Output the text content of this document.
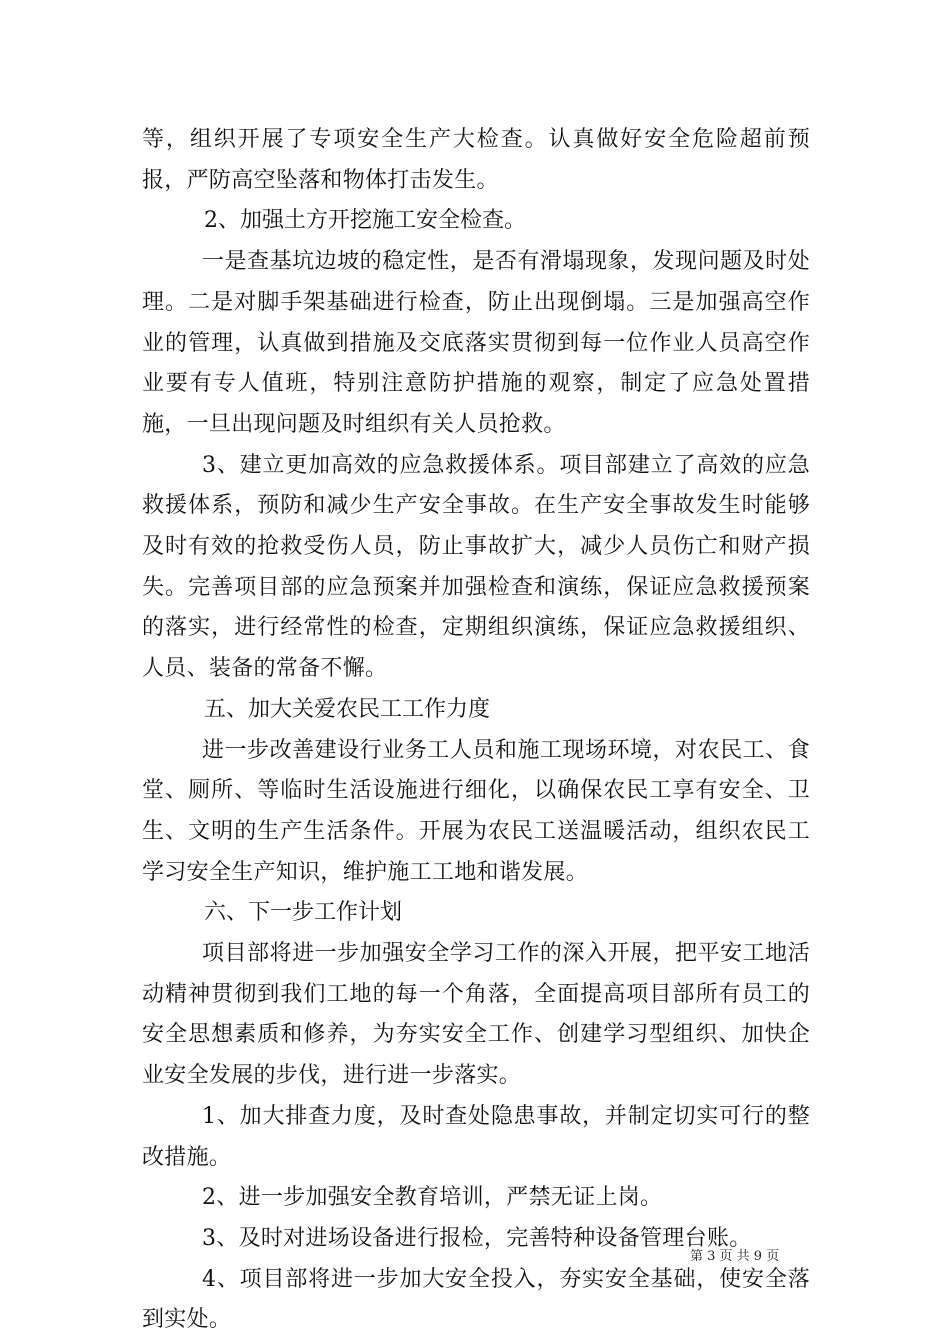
等，组织开展了专项安全生产大检查。认真做好安全危险超前预报，严防高空坠落和物体打击发生。

2、加强土方开挖施工安全检查。

一是查基坑边坡的稳定性，是否有滑塌现象，发现问题及时处理。二是对脚手架基础进行检查，防止出现倒塌。三是加强高空作业的管理，认真做到措施及交底落实贯彻到每一位作业人员高空作业要有专人值班，特别注意防护措施的观察，制定了应急处置措施，一旦出现问题及时组织有关人员抢救。

3、建立更加高效的应急救援体系。项目部建立了高效的应急救援体系，预防和减少生产安全事故。在生产安全事故发生时能够及时有效的抢救受伤人员，防止事故扩大，减少人员伤亡和财产损失。完善项目部的应急预案并加强检查和演练，保证应急救援预案的落实，进行经常性的检查，定期组织演练，保证应急救援组织、人员、装备的常备不懈。

五、加大关爱农民工工作力度

进一步改善建设行业务工人员和施工现场环境，对农民工、食堂、厕所、等临时生活设施进行细化，以确保农民工享有安全、卫生、文明的生产生活条件。开展为农民工送温暖活动，组织农民工学习安全生产知识，维护施工工地和谐发展。

六、下一步工作计划

项目部将进一步加强安全学习工作的深入开展，把平安工地活动精神贯彻到我们工地的每一个角落，全面提高项目部所有员工的安全思想素质和修养，为夯实安全工作、创建学习型组织、加快企业安全发展的步伐，进行进一步落实。

1、加大排查力度，及时查处隐患事故，并制定切实可行的整改措施。

2、进一步加强安全教育培训，严禁无证上岗。

3、及时对进场设备进行报检，完善特种设备管理台账。

4、项目部将进一步加大安全投入，夯实安全基础，使安全落到实处。

第 3 页 共 9 页
